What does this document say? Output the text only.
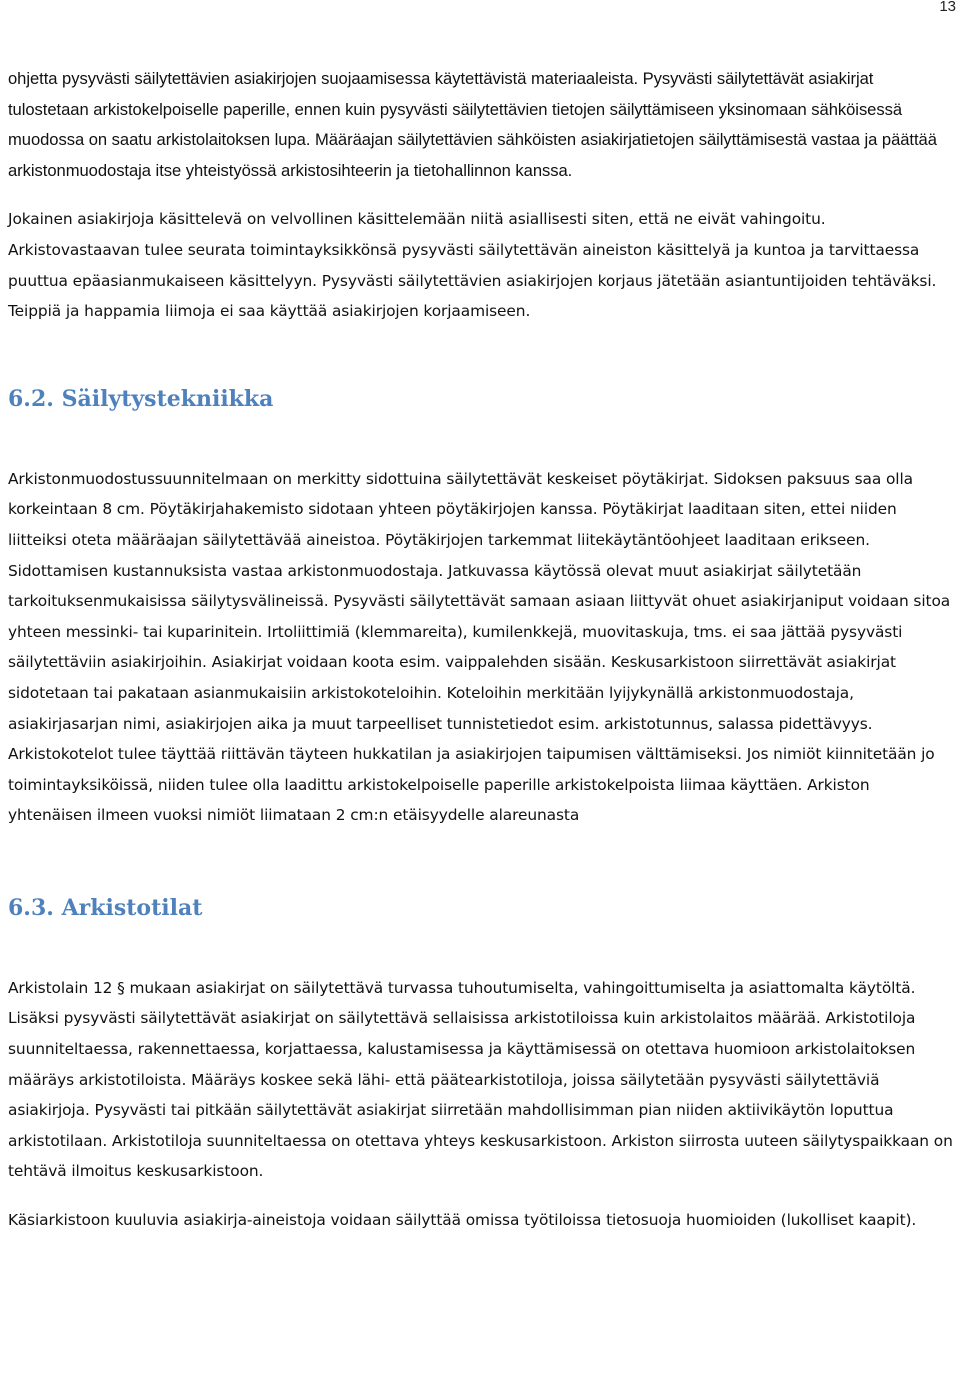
13

ohjetta pysyvästi säilytettävien asiakirjojen suojaamisessa käytettävistä materiaaleista. Pysyvästi säilytettävät asiakirjat tulostetaan arkistokelpoiselle paperille, ennen kuin pysyvästi säilytettävien tietojen säilyttämiseen yksinomaan sähköisessä muodossa on saatu arkistolaitoksen lupa. Määräajan säilytettävien sähköisten asiakirjatietojen säilyttämisestä vastaa ja päättää arkistonmuodostaja itse yhteistyössä arkistosihteerin ja tietohallinnon kanssa.

Jokainen asiakirjoja käsittelevä on velvollinen käsittelemään niitä asiallisesti siten, että ne eivät vahingoitu. Arkistovastaavan tulee seurata toimintayksikkönsä pysyvästi säilytettävän aineiston käsittelyä ja kuntoa ja tarvittaessa puuttua epäasianmukaiseen käsittelyyn. Pysyvästi säilytettävien asiakirjojen korjaus jätetään asiantuntijoiden tehtäväksi. Teippiä ja happamia liimoja ei saa käyttää asiakirjojen korjaamiseen.

6.2. Säilytystekniikka

Arkistonmuodostussuunnitelmaan on merkitty sidottuina säilytettävät keskeiset pöytäkirjat. Sidoksen paksuus saa olla korkeintaan 8 cm. Pöytäkirjahakemisto sidotaan yhteen pöytäkirjojen kanssa. Pöytäkirjat laaditaan siten, ettei niiden liitteiksi oteta määräajan säilytettävää aineistoa. Pöytäkirjojen tarkemmat liitekäytäntöohjeet laaditaan erikseen. Sidottamisen kustannuksista vastaa arkistonmuodostaja. Jatkuvassa käytössä olevat muut asiakirjat säilytetään tarkoituksenmukaisissa säilytysvälineissä. Pysyvästi säilytettävät samaan asiaan liittyvät ohuet asiakirjaniput voidaan sitoa yhteen messinki- tai kuparinitein. Irtoliittimiä (klemmareita), kumilenkkejä, muovitaskuja, tms. ei saa jättää pysyvästi säilytettäviin asiakirjoihin. Asiakirjat voidaan koota esim. vaippalehden sisään. Keskusarkistoon siirrettävät asiakirjat sidotetaan tai pakataan asianmukaisiin arkistokoteloihin. Koteloihin merkitään lyijykynällä arkistonmuodostaja, asiakirjasarjan nimi, asiakirjojen aika ja muut tarpeelliset tunnistetiedot esim. arkistotunnus, salassa pidettävyys. Arkistokotelot tulee täyttää riittävän täyteen hukkatilan ja asiakirjojen taipumisen välttämiseksi. Jos nimiöt kiinnitetään jo toimintayksiköissä, niiden tulee olla laadittu arkistokelpoiselle paperille arkistokelpoista liimaa käyttäen. Arkiston yhtenäisen ilmeen vuoksi nimiöt liimataan 2 cm:n etäisyydelle alareunasta

6.3. Arkistotilat

Arkistolain 12 § mukaan asiakirjat on säilytettävä turvassa tuhoutumiselta, vahingoittumiselta ja asiattomalta käytöltä. Lisäksi pysyvästi säilytettävät asiakirjat on säilytettävä sellaisissa arkistotiloissa kuin arkistolaitos määrää. Arkistotiloja suunniteltaessa, rakennettaessa, korjattaessa, kalustamisessa ja käyttämisessä on otettava huomioon arkistolaitoksen määräys arkistotiloista. Määräys koskee sekä lähi- että päätearkistotiloja, joissa säilytetään pysyvästi säilytettäviä asiakirjoja. Pysyvästi tai pitkään säilytettävät asiakirjat siirretään mahdollisimman pian niiden aktiivikäytön loputtua arkistotilaan. Arkistotiloja suunniteltaessa on otettava yhteys keskusarkistoon. Arkiston siirrosta uuteen säilytyspaikkaan on tehtävä ilmoitus keskusarkistoon.

Käsiarkistoon kuuluvia asiakirja-aineistoja voidaan säilyttää omissa työtiloissa tietosuoja huomioiden (lukolliset kaapit).
